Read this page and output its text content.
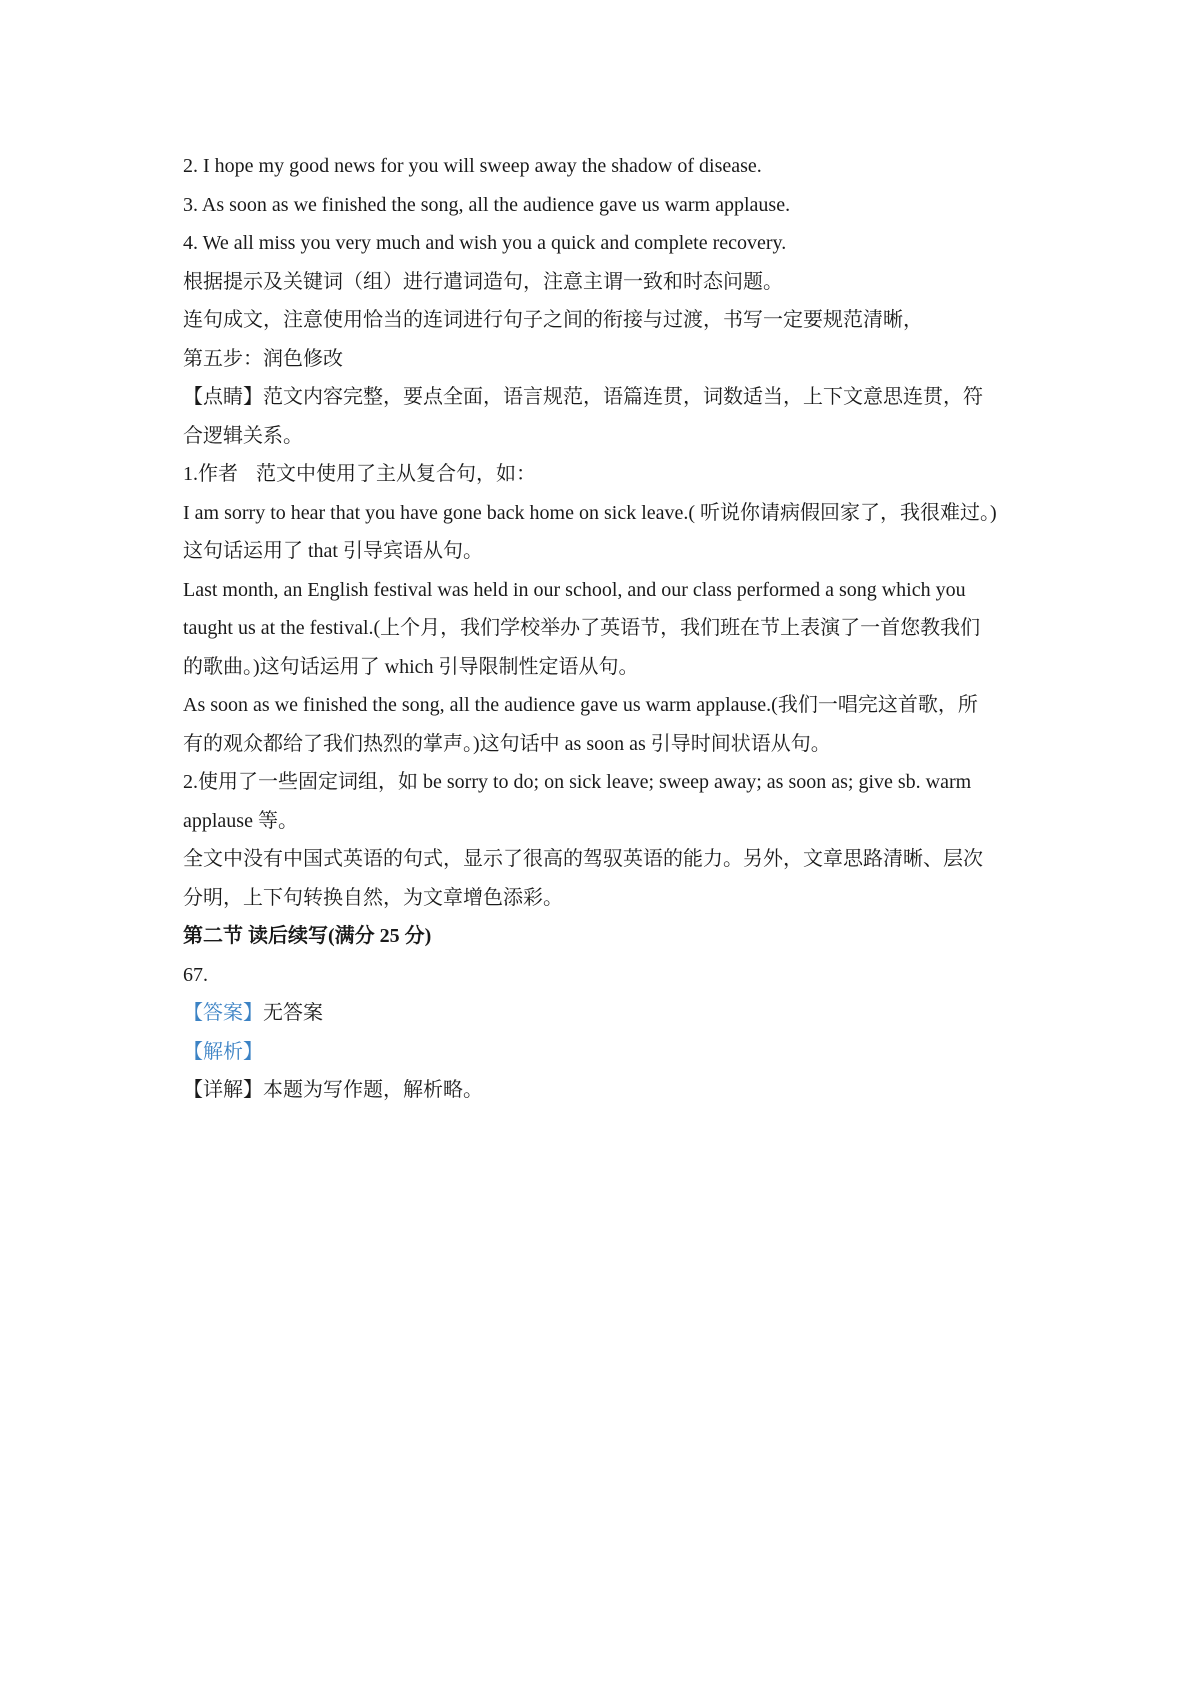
2. I hope my good news for you will sweep away the shadow of disease.

3. As soon as we finished the song, all the audience gave us warm applause.

4. We all miss you very much and wish you a quick and complete recovery.

根据提示及关键词（组）进行遣词造句，注意主谓一致和时态问题。

连句成文，注意使用恰当的连词进行句子之间的衔接与过渡，书写一定要规范清晰，

第五步：润色修改

【点睛】范文内容完整，要点全面，语言规范，语篇连贯，词数适当，上下文意思连贯，符

合逻辑关系。

1.作者 范文中使用了主从复合句，如：

I am sorry to hear that you have gone back home on sick leave.( 听说你请病假回家了，我很难过。)

这句话运用了 that 引导宾语从句。

Last month, an English festival was held in our school, and our class performed a song which you

taught us at the festival.(上个月，我们学校举办了英语节，我们班在节上表演了一首您教我们

的歌曲。)这句话运用了 which 引导限制性定语从句。

As soon as we finished the song, all the audience gave us warm applause.(我们一唱完这首歌，所

有的观众都给了我们热烈的掌声。)这句话中 as soon as 引导时间状语从句。

2.使用了一些固定词组，如 be sorry to do; on sick leave; sweep away; as soon as; give sb. warm

applause 等。

全文中没有中国式英语的句式，显示了很高的驾驭英语的能力。另外，文章思路清晰、层次

分明，上下句转换自然，为文章增色添彩。

第二节 读后续写(满分 25 分)

67.

【答案】无答案

【解析】

【详解】本题为写作题，解析略。
